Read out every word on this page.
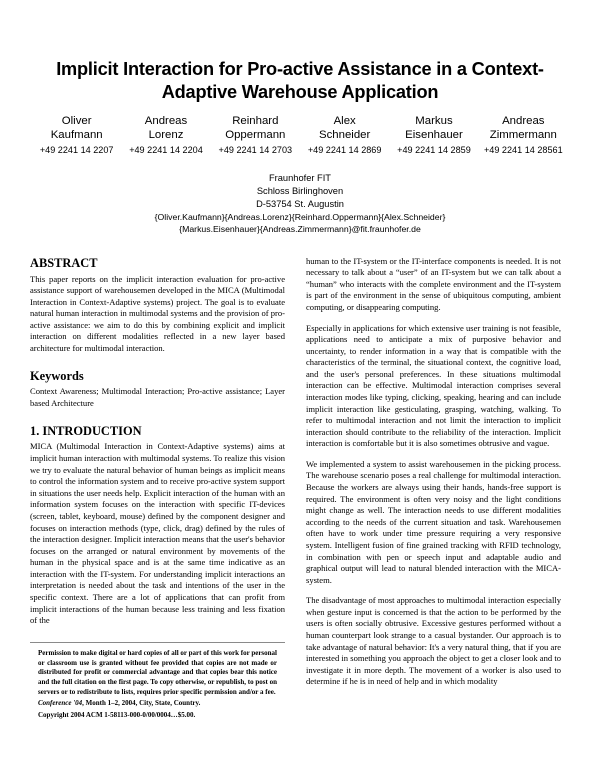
Implicit Interaction for Pro-active Assistance in a Context-Adaptive Warehouse Application
Oliver
Kaufmann
+49 2241 14 2207
Andreas
Lorenz
+49 2241 14 2204
Reinhard
Oppermann
+49 2241 14 2703
Alex
Schneider
+49 2241 14 2869
Markus
Eisenhauer
+49 2241 14 2859
Andreas
Zimmermann
+49 2241 14 28561
Fraunhofer FIT
Schloss Birlinghoven
D-53754 St. Augustin
{Oliver.Kaufmann}{Andreas.Lorenz}{Reinhard.Oppermann}{Alex.Schneider}
{Markus.Eisenhauer}{Andreas.Zimmermann}@fit.fraunhofer.de
ABSTRACT

This paper reports on the implicit interaction evaluation for pro-active assistance support of warehousemen developed in the MICA (Multimodal Interaction in Context-Adaptive systems) project. The goal is to evaluate natural human interaction in multimodal systems and the provision of pro-active assistance: we aim to do this by combining explicit and implicit interaction on different modalities reflected in a new layer based architecture for multimodal interaction.

Keywords

Context Awareness; Multimodal Interaction; Pro-active assistance; Layer based Architecture

1. INTRODUCTION

MICA (Multimodal Interaction in Context-Adaptive systems) aims at implicit human interaction with multimodal systems. To realize this vision we try to evaluate the natural behavior of human beings as implicit means to control the information system and to receive pro-active system support in situations the user needs help. Explicit interaction of the human with an information system focuses on the interaction with specific IT-devices (screen, tablet, keyboard, mouse) defined by the component designer and focuses on interaction methods (type, click, drag) defined by the rules of the interaction designer. Implicit interaction means that the user's behavior focuses on the arranged or natural environment by movements of the human in the physical space and is at the same time indicative as an interaction with the IT-system. For understanding implicit interactions an interpretation is needed about the task and intentions of the user in the specific context. There are a lot of applications that can profit from implicit interactions of the human because less training and less fixation of the

Permission to make digital or hard copies of all or part of this work for personal or classroom use is granted without fee provided that copies are not made or distributed for profit or commercial advantage and that copies bear this notice and the full citation on the first page. To copy otherwise, or republish, to post on servers or to redistribute to lists, requires prior specific permission and/or a fee.

Conference '04, Month 1–2, 2004, City, State, Country.

Copyright 2004 ACM 1-58113-000-0/00/0004…$5.00.

human to the IT-system or the IT-interface components is needed. It is not necessary to talk about a “user” of an IT-system but we can talk about a “human” who interacts with the complete environment and the IT-system is part of the environment in the sense of ubiquitous computing, ambient computing, or disappearing computing.

Especially in applications for which extensive user training is not feasible, applications need to anticipate a mix of purposive behavior and uncertainty, to render information in a way that is compatible with the characteristics of the terminal, the situational context, the cognitive load, and the user's personal preferences. In these situations multimodal interaction can be effective. Multimodal interaction comprises several interaction modes like typing, clicking, speaking, hearing and can include implicit interaction like gesticulating, grasping, watching, walking. To refer to multimodal interaction and not limit the interaction to implicit interaction should contribute to the reliability of the interaction. Implicit interaction is comfortable but it is also sometimes obtrusive and vague.

We implemented a system to assist warehousemen in the picking process. The warehouse scenario poses a real challenge for multimodal interaction. Because the workers are always using their hands, hands-free support is required. The environment is often very noisy and the light conditions might change as well. The interaction needs to use different modalities according to the needs of the current situation and task. Warehousemen often have to work under time pressure requiring a very responsive system. Intelligent fusion of fine grained tracking with RFID technology, in combination with pen or speech input and adaptable audio and graphical output will lead to natural blended interaction with the MICA-system.

The disadvantage of most approaches to multimodal interaction especially when gesture input is concerned is that the action to be performed by the users is often socially obtrusive. Excessive gestures performed without a human counterpart look strange to a casual bystander. Our approach is to take advantage of natural behavior: It's a very natural thing, that if you are interested in something you approach the object to get a closer look and to investigate it in more depth. The movement of a worker is also used to determine if he is in need of help and in which modality
